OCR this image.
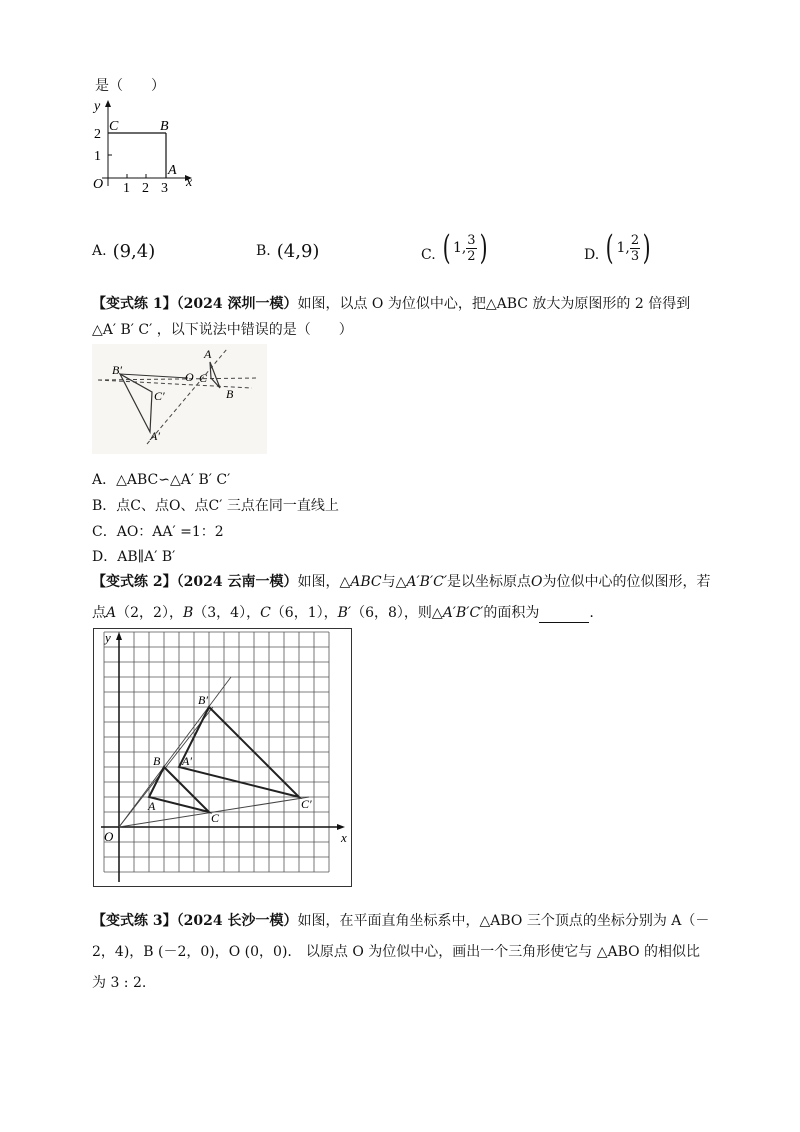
是（　　）
y
x
O
C	B
A
2
1
1 2 3
A. (9,4)	B. (4,9)	C. ( 1, $\frac{3}{2}$ )	D. ( 1, $\frac{2}{3}$ )
【变式练 1】（2024 深圳一模）如图，以点 O 为位似中心，把△ABC 放大为原图形的 2 倍得到
△A′ B′ C′ ，以下说法中错误的是（　　）
B′	O C
A
B
C′
A′
A．△ABC∽△A′ B′ C′
B．点C、点O、点C′ 三点在同一直线上
C．AO：AA′ =1：2
D．AB∥A′ B′
【变式练 2】（2024 云南一模）如图，△ABC与△A′B′C′是以坐标原点O为位似中心的位似图形，若
点A（2，2），B（3，4），C（6，1），B′（6，8），则△A′B′C′的面积为	.
y
x
O
B′
B A′
A
C
C′
【变式练 3】（2024 长沙一模）如图，在平面直角坐标系中，△ABO 三个顶点的坐标分别为 A（－
2，4)，B (－2，0)，O (0，0).　以原点 O 为位似中心，画出一个三角形使它与 △ABO 的相似比
为 3 : 2.
